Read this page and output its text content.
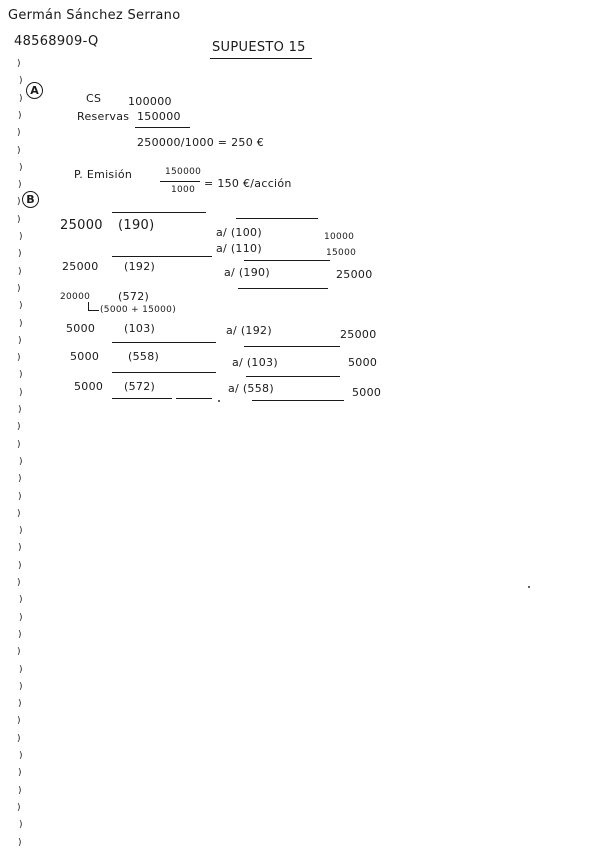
Germán Sánchez Serrano
48568909-Q	SUPUESTO 15
A
CS 100000
Reservas 150000
250000/1000 = 250 €
P. Emisión	150000
1000 = 150 €/acción
B
25000 (190)	a/ (100)	10000
a/ (110)	15000
25000 (192)	a/ (190)	25000
20000	(572)
(5000 + 15000)
5000	(103)	a/ (192)	25000
5000	(558)	a/ (103)	5000
5000 (572)	a/ (558)	5000
)
)
)
)
)
)
)
)
)
)
)
)
)
)
)
)
)
)
)
)
)
)
)
)
)
)
)
)
)
)
)
)
)
)
)
)
)
)
)
)
)
)
)
)
)
)
